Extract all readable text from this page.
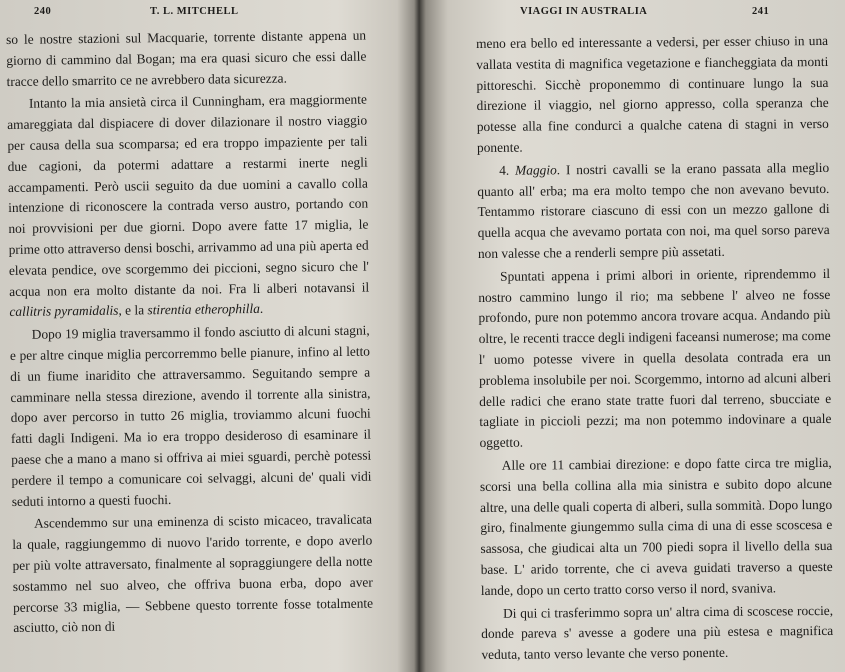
240	T. L. MITCHELL

so le nostre stazioni sul Macquarie, torrente distante appena un giorno di cammino dal Bogan; ma era quasi sicuro che essi dalle tracce dello smarrito ce ne avrebbero data sicurezza.

Intanto la mia ansietà circa il Cunningham, era maggiormente amareggiata dal dispiacere di dover dilazionare il nostro viaggio per causa della sua scomparsa; ed era troppo impaziente per tali due cagioni, da potermi adattare a restarmi inerte negli accampamenti. Però uscii seguito da due uomini a cavallo colla intenzione di riconoscere la contrada verso austro, portando con noi provvisioni per due giorni. Dopo avere fatte 17 miglia, le prime otto attraverso densi boschi, arrivammo ad una più aperta ed elevata pendice, ove scorgemmo dei piccioni, segno sicuro che l' acqua non era molto distante da noi. Fra li alberi notavansi il callitris pyramidalis, e la stirentia etherophilla.

Dopo 19 miglia traversammo il fondo asciutto di alcuni stagni, e per altre cinque miglia percorremmo belle pianure, infino al letto di un fiume inaridito che attraversammo. Seguitando sempre a camminare nella stessa direzione, avendo il torrente alla sinistra, dopo aver percorso in tutto 26 miglia, troviammo alcuni fuochi fatti dagli Indigeni. Ma io era troppo desideroso di esaminare il paese che a mano a mano si offriva ai miei sguardi, perchè potessi perdere il tempo a comunicare coi selvaggi, alcuni de' quali vidi seduti intorno a questi fuochi.

Ascendemmo sur una eminenza di scisto micaceo, travalicata la quale, raggiungemmo di nuovo l'arido torrente, e dopo averlo per più volte attraversato, finalmente al sopraggiungere della notte sostammo nel suo alveo, che offriva buona erba, dopo aver percorse 33 miglia, — Sebbene questo torrente fosse totalmente asciutto, ciò non di

VIAGGI IN AUSTRALIA	241

meno era bello ed interessante a vedersi, per esser chiuso in una vallata vestita di magnifica vegetazione e fiancheggiata da monti pittoreschi. Sicchè proponemmo di continuare lungo la sua direzione il viaggio, nel giorno appresso, colla speranza che potesse alla fine condurci a qualche catena di stagni in verso ponente.

4. Maggio. I nostri cavalli se la erano passata alla meglio quanto all' erba; ma era molto tempo che non avevano bevuto. Tentammo ristorare ciascuno di essi con un mezzo gallone di quella acqua che avevamo portata con noi, ma quel sorso pareva non valesse che a renderli sempre più assetati.

Spuntati appena i primi albori in oriente, riprendemmo il nostro cammino lungo il rio; ma sebbene l' alveo ne fosse profondo, pure non potemmo ancora trovare acqua. Andando più oltre, le recenti tracce degli indigeni faceansi numerose; ma come l' uomo potesse vivere in quella desolata contrada era un problema insolubile per noi. Scorgemmo, intorno ad alcuni alberi delle radici che erano state tratte fuori dal terreno, sbucciate e tagliate in piccioli pezzi; ma non potemmo indovinare a quale oggetto.

Alle ore 11 cambiai direzione: e dopo fatte circa tre miglia, scorsi una bella collina alla mia sinistra e subito dopo alcune altre, una delle quali coperta di alberi, sulla sommità. Dopo lungo giro, finalmente giungemmo sulla cima di una di esse scoscesa e sassosa, che giudicai alta un 700 piedi sopra il livello della sua base. L' arido torrente, che ci aveva guidati traverso a queste lande, dopo un certo tratto corso verso il nord, svaniva.

Di qui ci trasferimmo sopra un' altra cima di scoscese roccie, donde pareva s' avesse a godere una più estesa e magnifica veduta, tanto verso levante che verso ponente.
